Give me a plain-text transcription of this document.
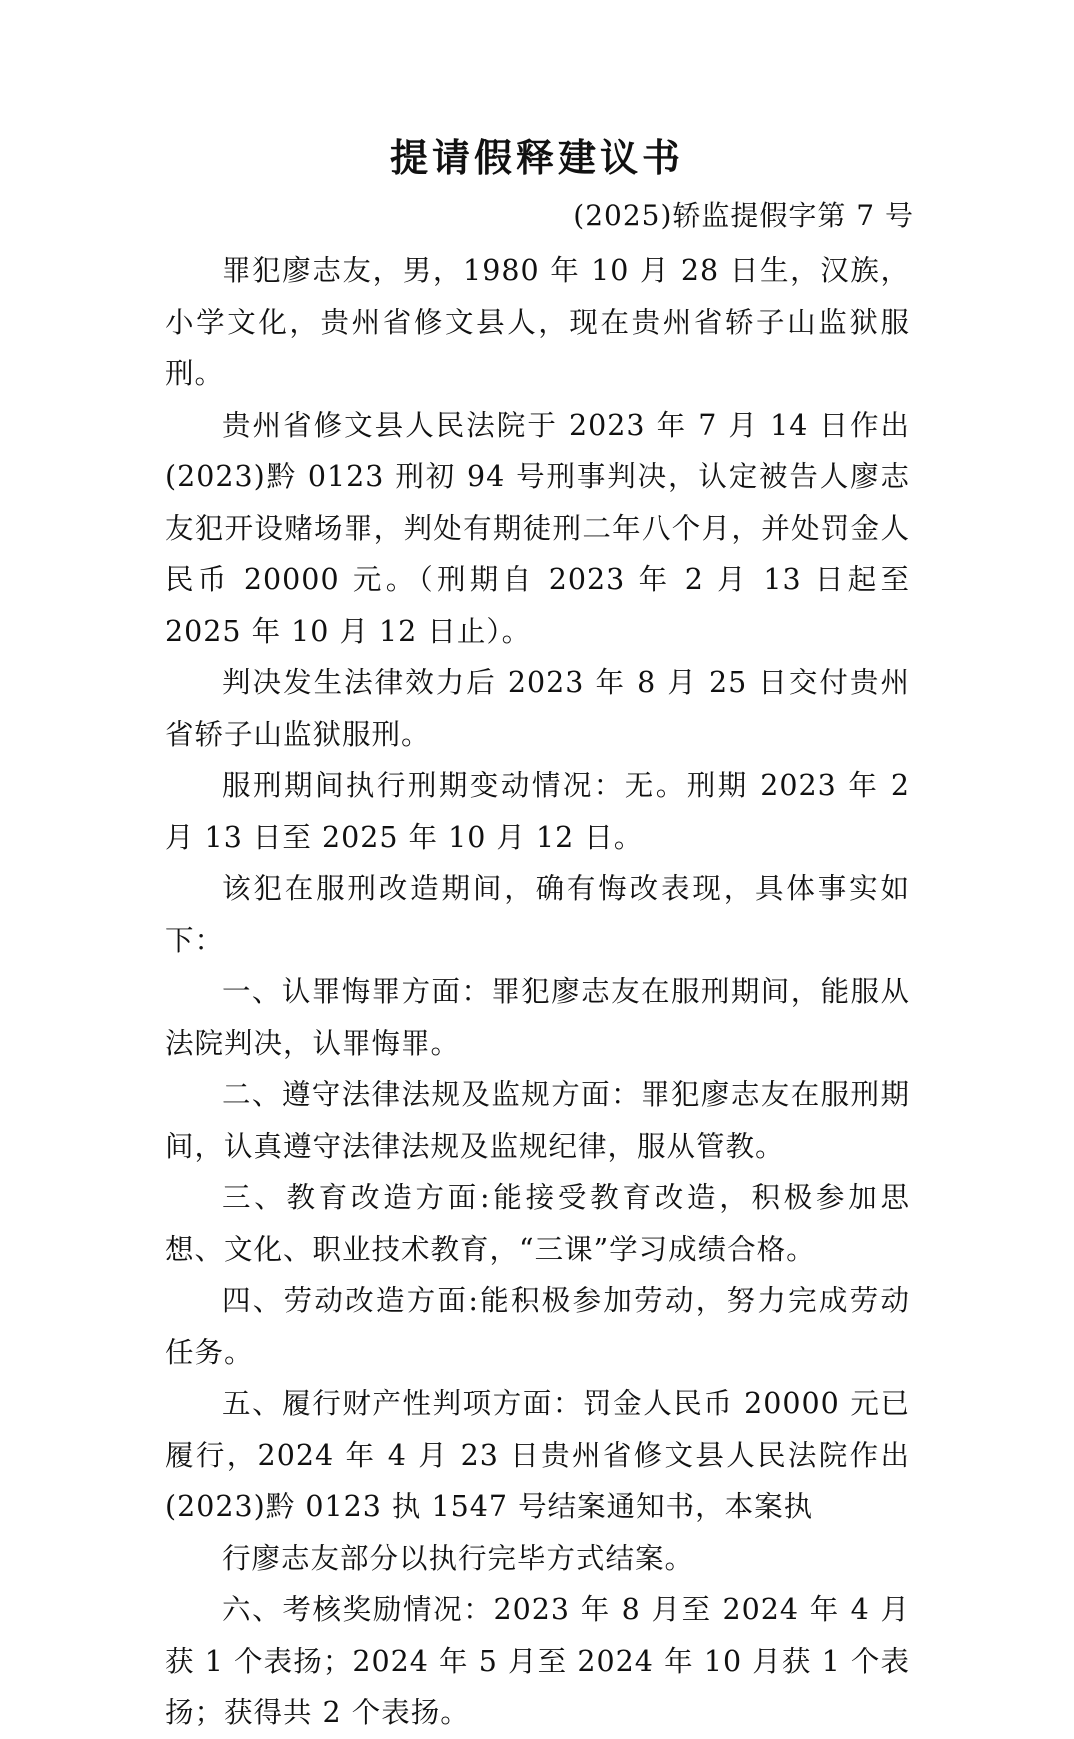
提请假释建议书
(2025)轿监提假字第 7 号

罪犯廖志友，男，1980 年 10 月 28 日生，汉族，小学文化，贵州省修文县人，现在贵州省轿子山监狱服刑。

贵州省修文县人民法院于 2023 年 7 月 14 日作出(2023)黔 0123 刑初 94 号刑事判决，认定被告人廖志友犯开设赌场罪，判处有期徒刑二年八个月，并处罚金人民币 20000 元。（刑期自 2023 年 2 月 13 日起至 2025 年 10 月 12 日止）。

判决发生法律效力后 2023 年 8 月 25 日交付贵州省轿子山监狱服刑。

服刑期间执行刑期变动情况：无。刑期 2023 年 2 月 13 日至 2025 年 10 月 12 日。

该犯在服刑改造期间，确有悔改表现，具体事实如下：

一、认罪悔罪方面：罪犯廖志友在服刑期间，能服从法院判决，认罪悔罪。

二、遵守法律法规及监规方面：罪犯廖志友在服刑期间，认真遵守法律法规及监规纪律，服从管教。

三、教育改造方面:能接受教育改造，积极参加思想、文化、职业技术教育，“三课”学习成绩合格。

四、劳动改造方面:能积极参加劳动，努力完成劳动任务。

五、履行财产性判项方面：罚金人民币 20000 元已履行，2024 年 4 月 23 日贵州省修文县人民法院作出(2023)黔 0123 执 1547 号结案通知书，本案执

行廖志友部分以执行完毕方式结案。

六、考核奖励情况：2023 年 8 月至 2024 年 4 月获 1 个表扬；2024 年 5 月至 2024 年 10 月获 1 个表扬；获得共 2 个表扬。
